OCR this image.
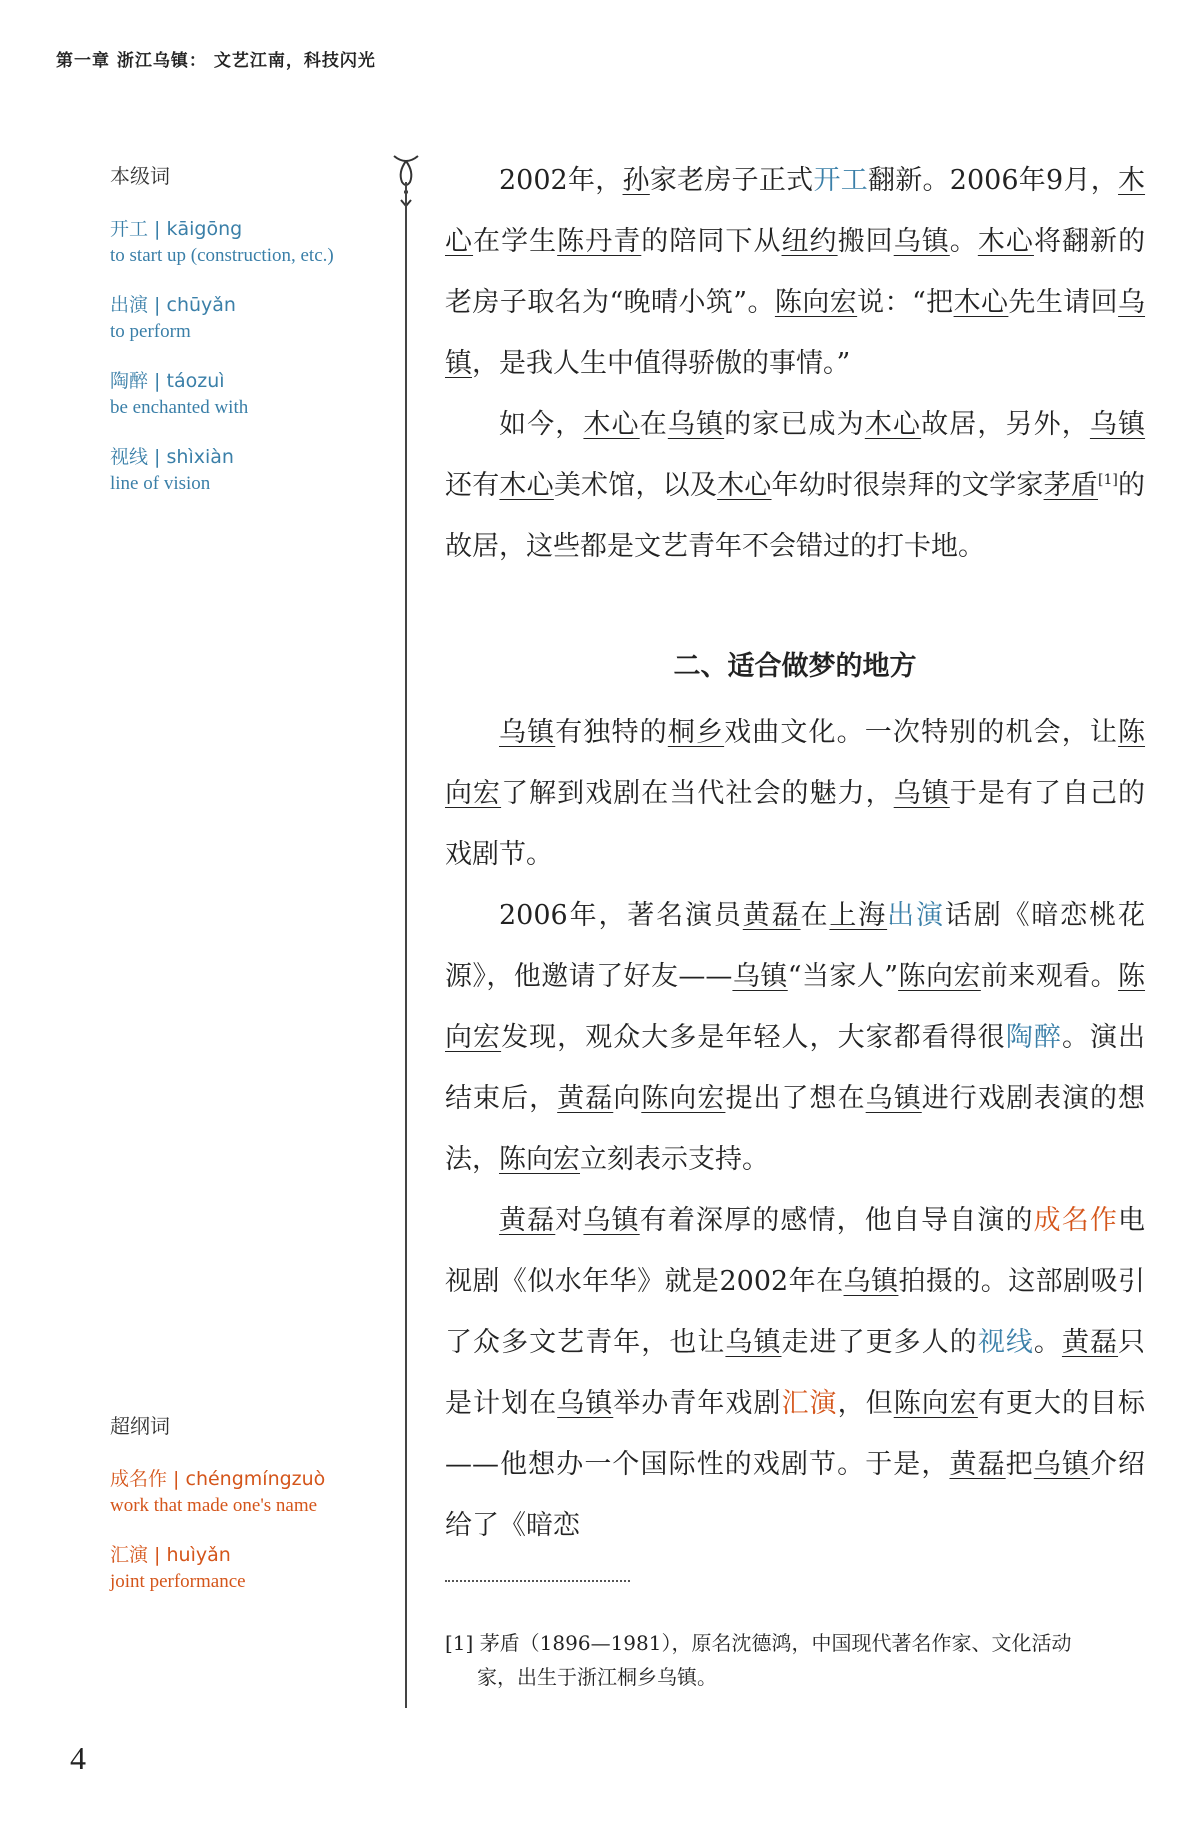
第一章 浙江乌镇： 文艺江南，科技闪光
本级词
开工 | kāigōng
to start up (construction, etc.)
出演 | chūyǎn
to perform
陶醉 | táozuì
be enchanted with
视线 | shìxiàn
line of vision
超纲词
成名作 | chéngmíngzuò
work that made one's name
汇演 | huìyǎn
joint performance

2002年，孙家老房子正式开工翻新。2006年9月，木心在学生陈丹青的陪同下从纽约搬回乌镇。木心将翻新的老房子取名为“晚晴小筑”。陈向宏说：“把木心先生请回乌镇，是我人生中值得骄傲的事情。”

如今，木心在乌镇的家已成为木心故居，另外，乌镇还有木心美术馆，以及木心年幼时很崇拜的文学家茅盾[1]的故居，这些都是文艺青年不会错过的打卡地。

二、适合做梦的地方

乌镇有独特的桐乡戏曲文化。一次特别的机会，让陈向宏了解到戏剧在当代社会的魅力，乌镇于是有了自己的戏剧节。

2006年，著名演员黄磊在上海出演话剧《暗恋桃花源》，他邀请了好友——乌镇“当家人”陈向宏前来观看。陈向宏发现，观众大多是年轻人，大家都看得很陶醉。演出结束后，黄磊向陈向宏提出了想在乌镇进行戏剧表演的想法，陈向宏立刻表示支持。

黄磊对乌镇有着深厚的感情，他自导自演的成名作电视剧《似水年华》就是2002年在乌镇拍摄的。这部剧吸引了众多文艺青年，也让乌镇走进了更多人的视线。黄磊只是计划在乌镇举办青年戏剧汇演，但陈向宏有更大的目标——他想办一个国际性的戏剧节。于是，黄磊把乌镇介绍给了《暗恋

[1] 茅盾（1896—1981），原名沈德鸿，中国现代著名作家、文化活动
家，出生于浙江桐乡乌镇。
4
